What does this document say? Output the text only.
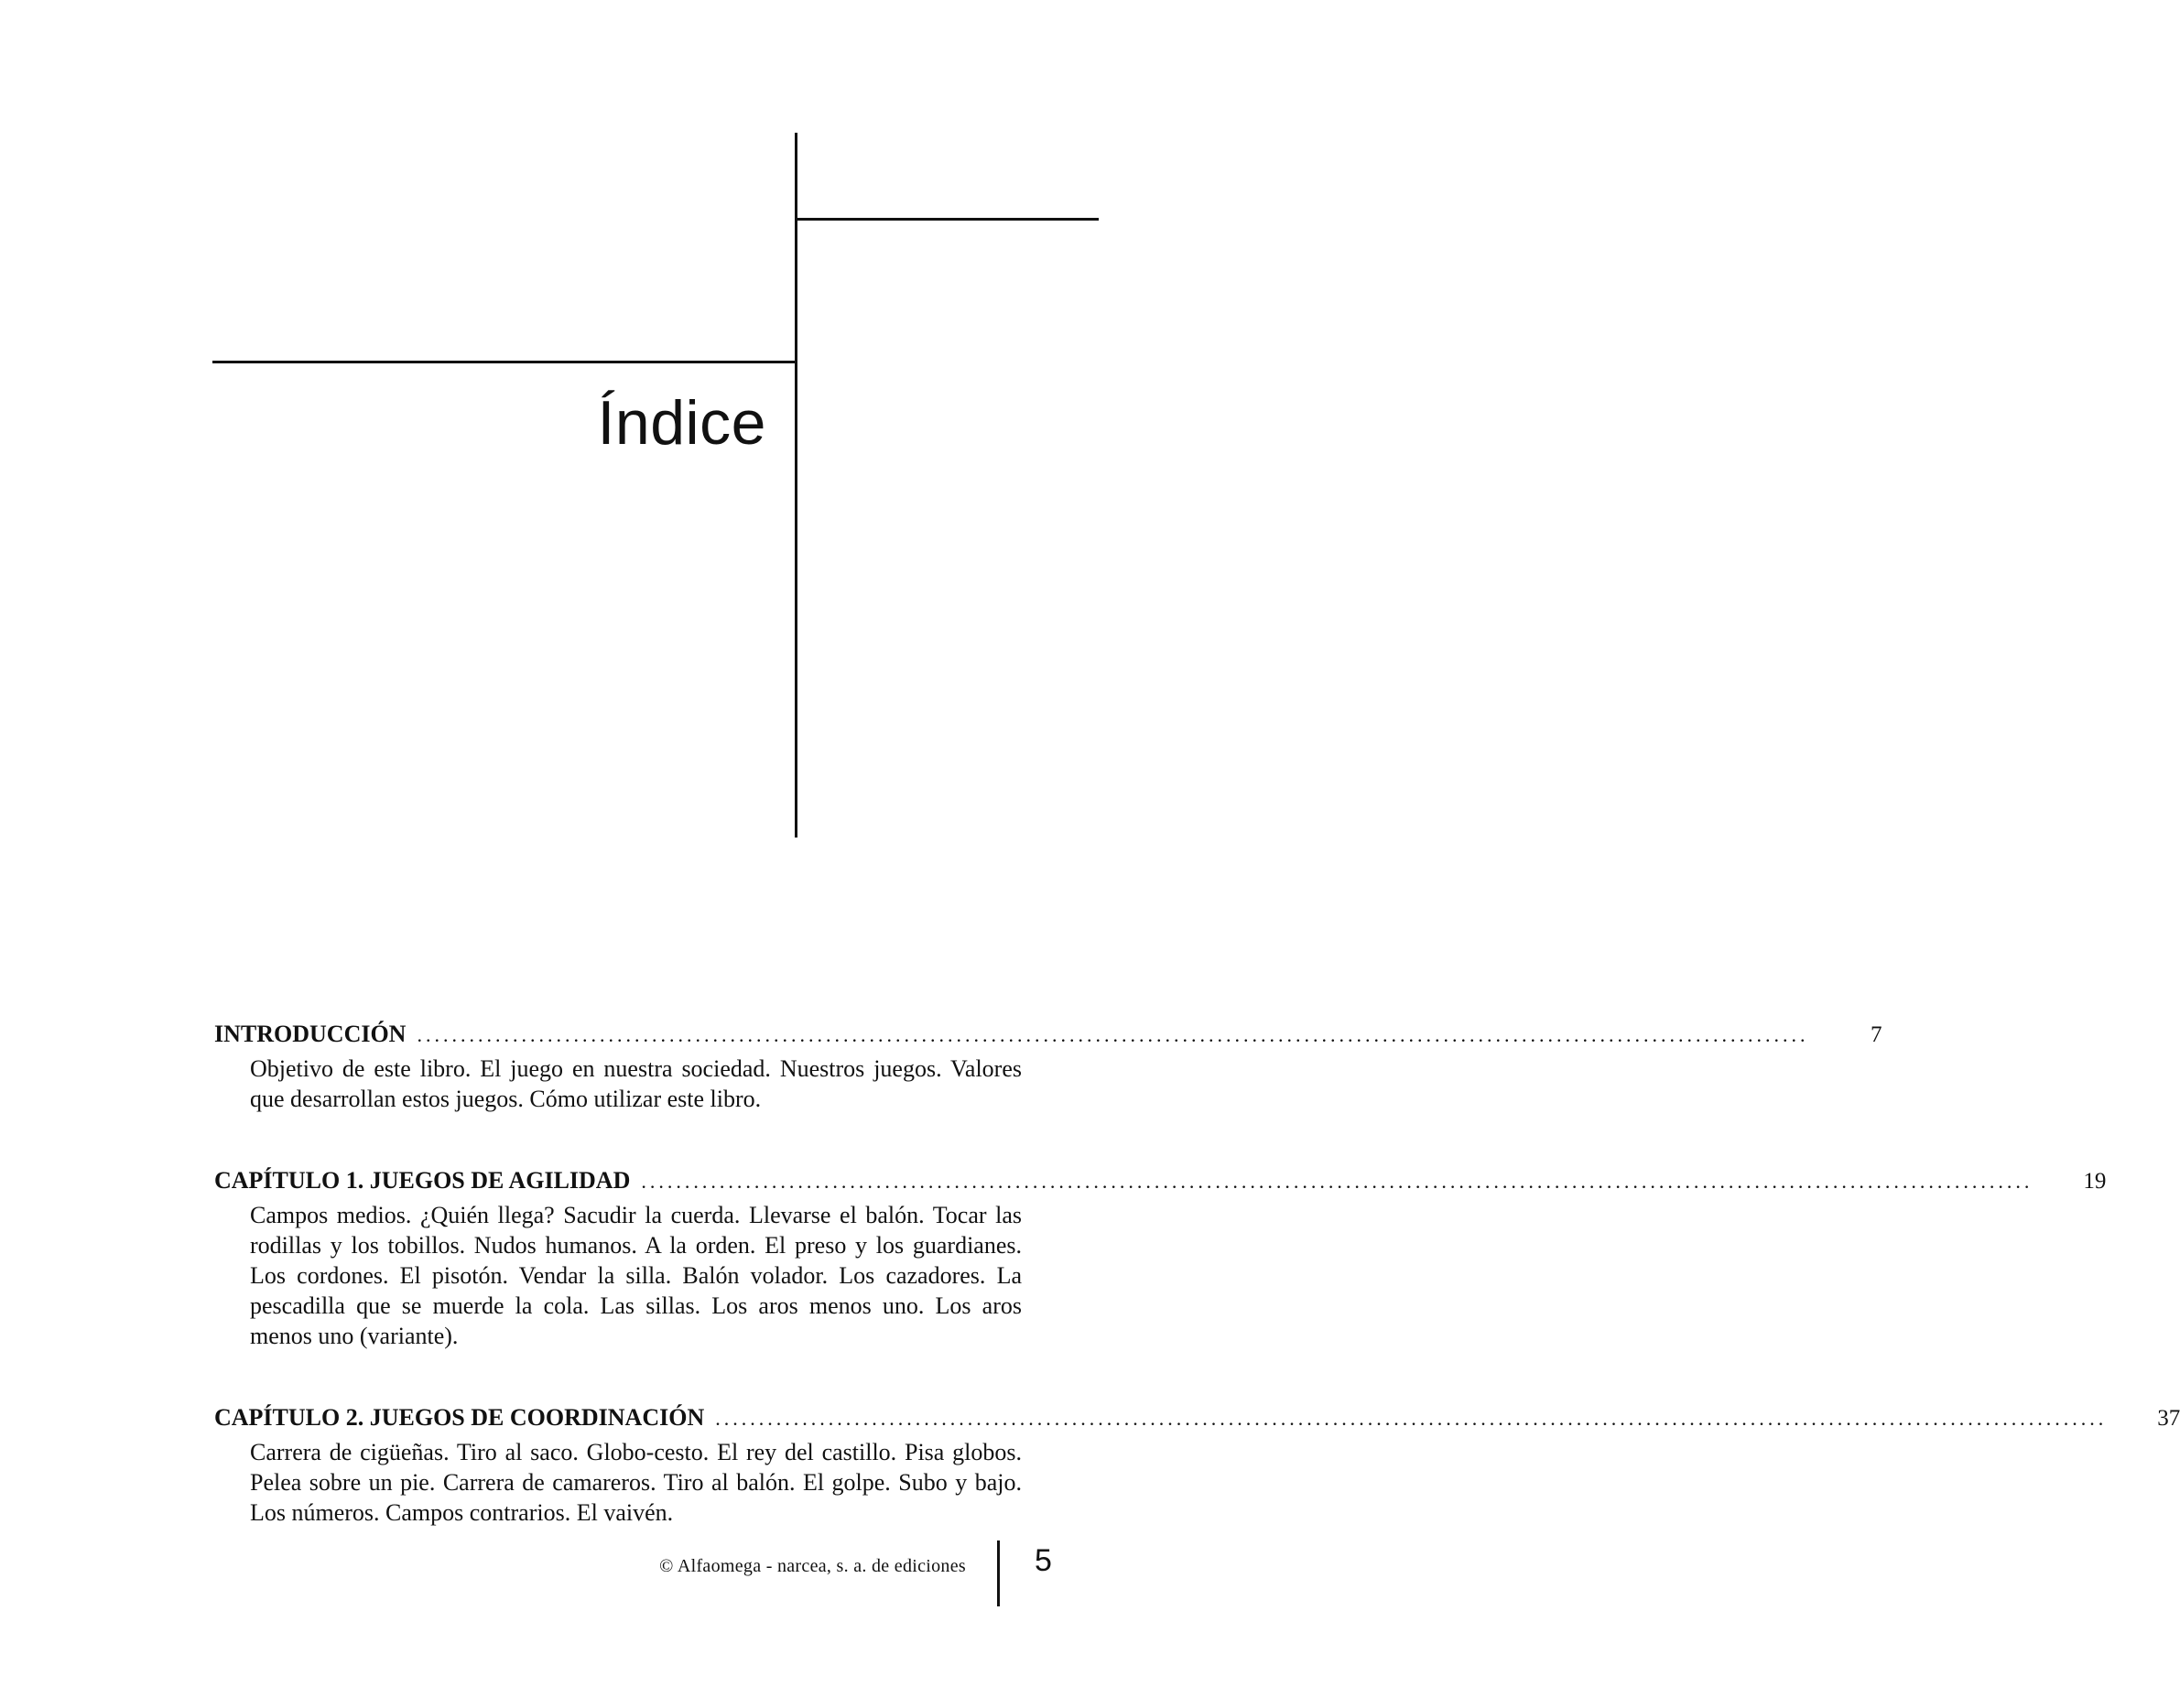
Índice
INTRODUCCIÓN ................................................................................................................................................................	7

Objetivo de este libro. El juego en nuestra sociedad. Nuestros juegos. Valores que desarrollan estos juegos. Cómo utilizar este libro.

CAPÍTULO 1. JUEGOS DE AGILIDAD ................................................................................................................................................................	19

Campos medios. ¿Quién llega? Sacudir la cuerda. Llevarse el balón. Tocar las rodillas y los tobillos. Nudos humanos. A la orden. El preso y los guardianes. Los cordones. El pisotón. Vendar la silla. Balón volador. Los cazadores. La pescadilla que se muerde la cola. Las sillas. Los aros menos uno. Los aros menos uno (variante).

CAPÍTULO 2. JUEGOS DE COORDINACIÓN ................................................................................................................................................................	37

Carrera de cigüeñas. Tiro al saco. Globo-cesto. El rey del castillo. Pisa globos. Pelea sobre un pie. Carrera de camareros. Tiro al balón. El golpe. Subo y bajo. Los números. Campos contrarios. El vaivén.

© Alfaomega - narcea, s. a. de ediciones 5
